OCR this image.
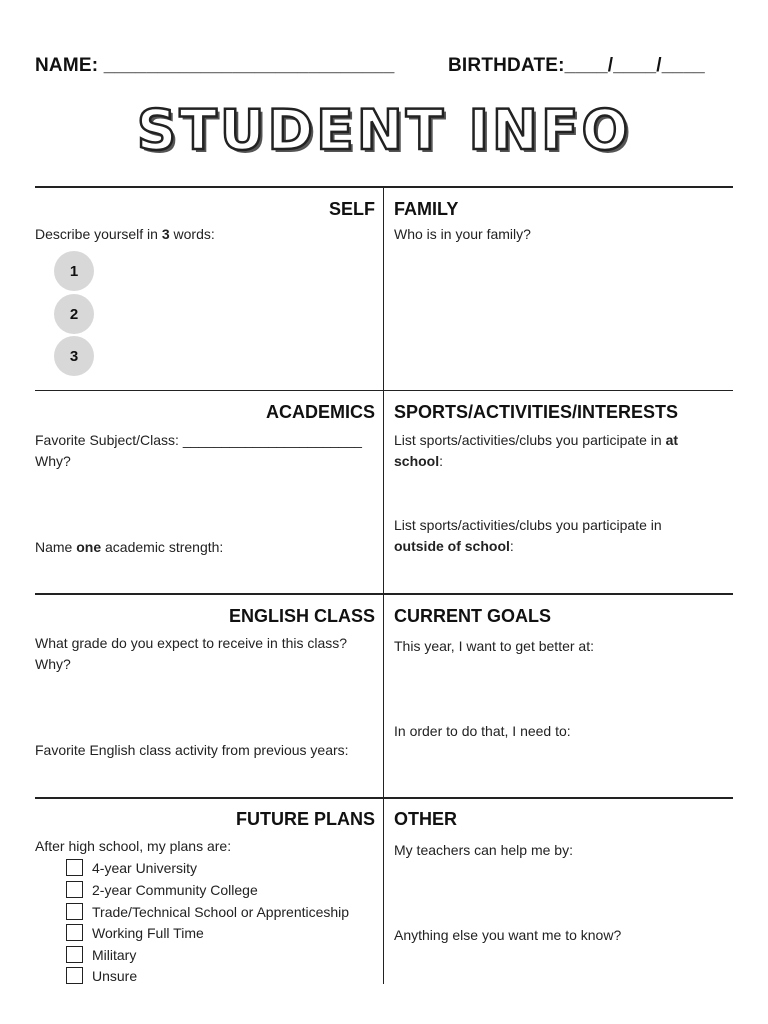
NAME: ___________________________	BIRTHDATE:____/____/____
STUDENT INFO
SELF
Describe yourself in 3 words:
1
2
3
FAMILY
Who is in your family?
ACADEMICS
Favorite Subject/Class: _______________________
Why?
Name one academic strength:
SPORTS/ACTIVITIES/INTERESTS
List sports/activities/clubs you participate in at
school:
List sports/activities/clubs you participate in
outside of school:
ENGLISH CLASS
What grade do you expect to receive in this class?
Why?
Favorite English class activity from previous years:
CURRENT GOALS
This year, I want to get better at:
In order to do that, I need to:
FUTURE PLANS
After high school, my plans are:
4-year University
2-year Community College
Trade/Technical School or Apprenticeship
Working Full Time
Military
Unsure
OTHER
My teachers can help me by:
Anything else you want me to know?
